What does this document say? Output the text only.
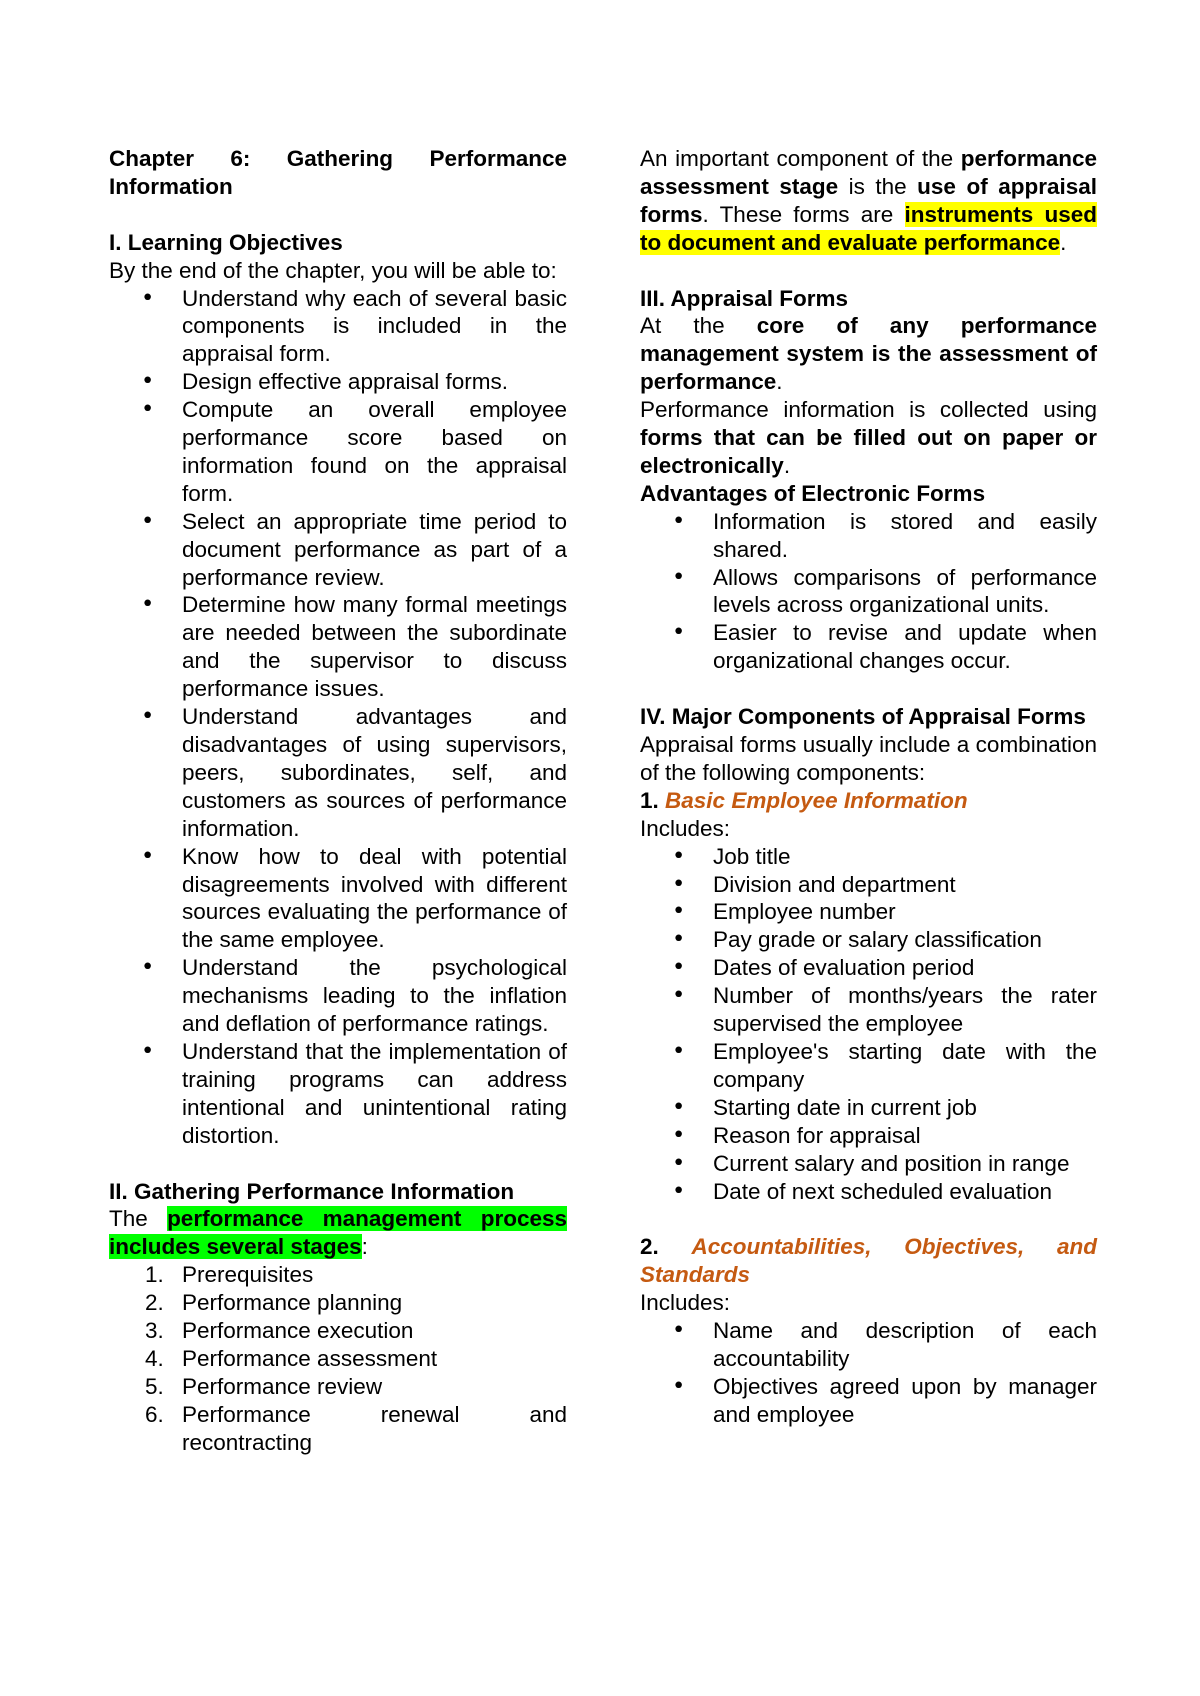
Chapter 6: Gathering Performance

Information

I. Learning Objectives

By the end of the chapter, you will be able to:

• Understand why each of several basic components is included in the appraisal form.
• Design effective appraisal forms.
• Compute an overall employee performance score based on information found on the appraisal form.
• Select an appropriate time period to document performance as part of a performance review.
• Determine how many formal meetings are needed between the subordinate and the supervisor to discuss performance issues.
• Understand advantages and disadvantages of using supervisors, peers, subordinates, self, and customers as sources of performance information.
• Know how to deal with potential disagreements involved with different sources evaluating the performance of the same employee.
• Understand the psychological mechanisms leading to the inflation and deflation of performance ratings.
• Understand that the implementation of training programs can address intentional and unintentional rating distortion.

II. Gathering Performance Information

The performance management process includes several stages:

1. Prerequisites
2. Performance planning
3. Performance execution
4. Performance assessment
5. Performance review
6. Performance renewal and recontracting

An important component of the performance assessment stage is the use of appraisal forms. These forms are instruments used to document and evaluate performance.

III. Appraisal Forms

At the core of any performance management system is the assessment of performance.

Performance information is collected using forms that can be filled out on paper or electronically.

Advantages of Electronic Forms

• Information is stored and easily shared.
• Allows comparisons of performance levels across organizational units.
• Easier to revise and update when organizational changes occur.

IV. Major Components of Appraisal Forms

Appraisal forms usually include a combination of the following components:

1. Basic Employee Information

Includes:

• Job title
• Division and department
• Employee number
• Pay grade or salary classification
• Dates of evaluation period
• Number of months/years the rater supervised the employee
• Employee's starting date with the company
• Starting date in current job
• Reason for appraisal
• Current salary and position in range
• Date of next scheduled evaluation

2. Accountabilities, Objectives, and Standards

Includes:

• Name and description of each accountability
• Objectives agreed upon by manager and employee
